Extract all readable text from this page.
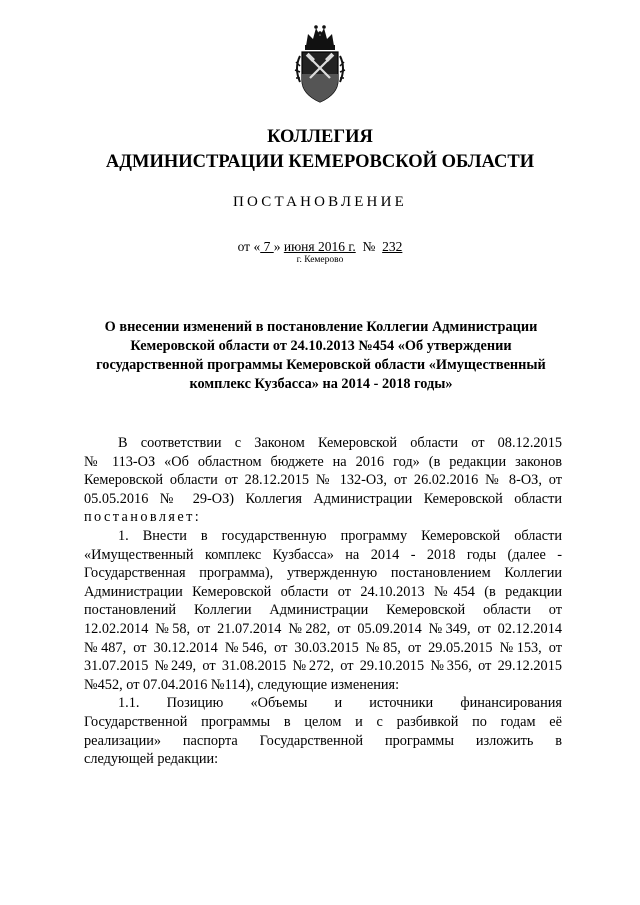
КОЛЛЕГИЯ
АДМИНИСТРАЦИИ КЕМЕРОВСКОЙ ОБЛАСТИ
ПОСТАНОВЛЕНИЕ
от « 7 » июня 2016 г. № 232
г. Кемерово
О внесении изменений в постановление Коллегии Администрации Кемеровской области от 24.10.2013 №454 «Об утверждении государственной программы Кемеровской области «Имущественный комплекс Кузбасса» на 2014 - 2018 годы»

В соответствии с Законом Кемеровской области от 08.12.2015

№ 113-ОЗ «Об областном бюджете на 2016 год» (в редакции законов

Кемеровской области от 28.12.2015 № 132-ОЗ, от 26.02.2016 № 8-ОЗ, от

05.05.2016 № 29-ОЗ) Коллегия Администрации Кемеровской области

постановляет:

1. Внести в государственную программу Кемеровской области

«Имущественный комплекс Кузбасса» на 2014 - 2018 годы (далее -

Государственная программа), утвержденную постановлением Коллегии

Администрации Кемеровской области от 24.10.2013 №454 (в редакции

постановлений Коллегии Администрации Кемеровской области от

12.02.2014 №58, от 21.07.2014 №282, от 05.09.2014 №349, от 02.12.2014

№487, от 30.12.2014 №546, от 30.03.2015 №85, от 29.05.2015 №153, от

31.07.2015 №249, от 31.08.2015 №272, от 29.10.2015 №356, от 29.12.2015

№452, от 07.04.2016 №114), следующие изменения:

1.1. Позицию «Объемы и источники финансирования

Государственной программы в целом и с разбивкой по годам её

реализации» паспорта Государственной программы изложить в

следующей редакции:
